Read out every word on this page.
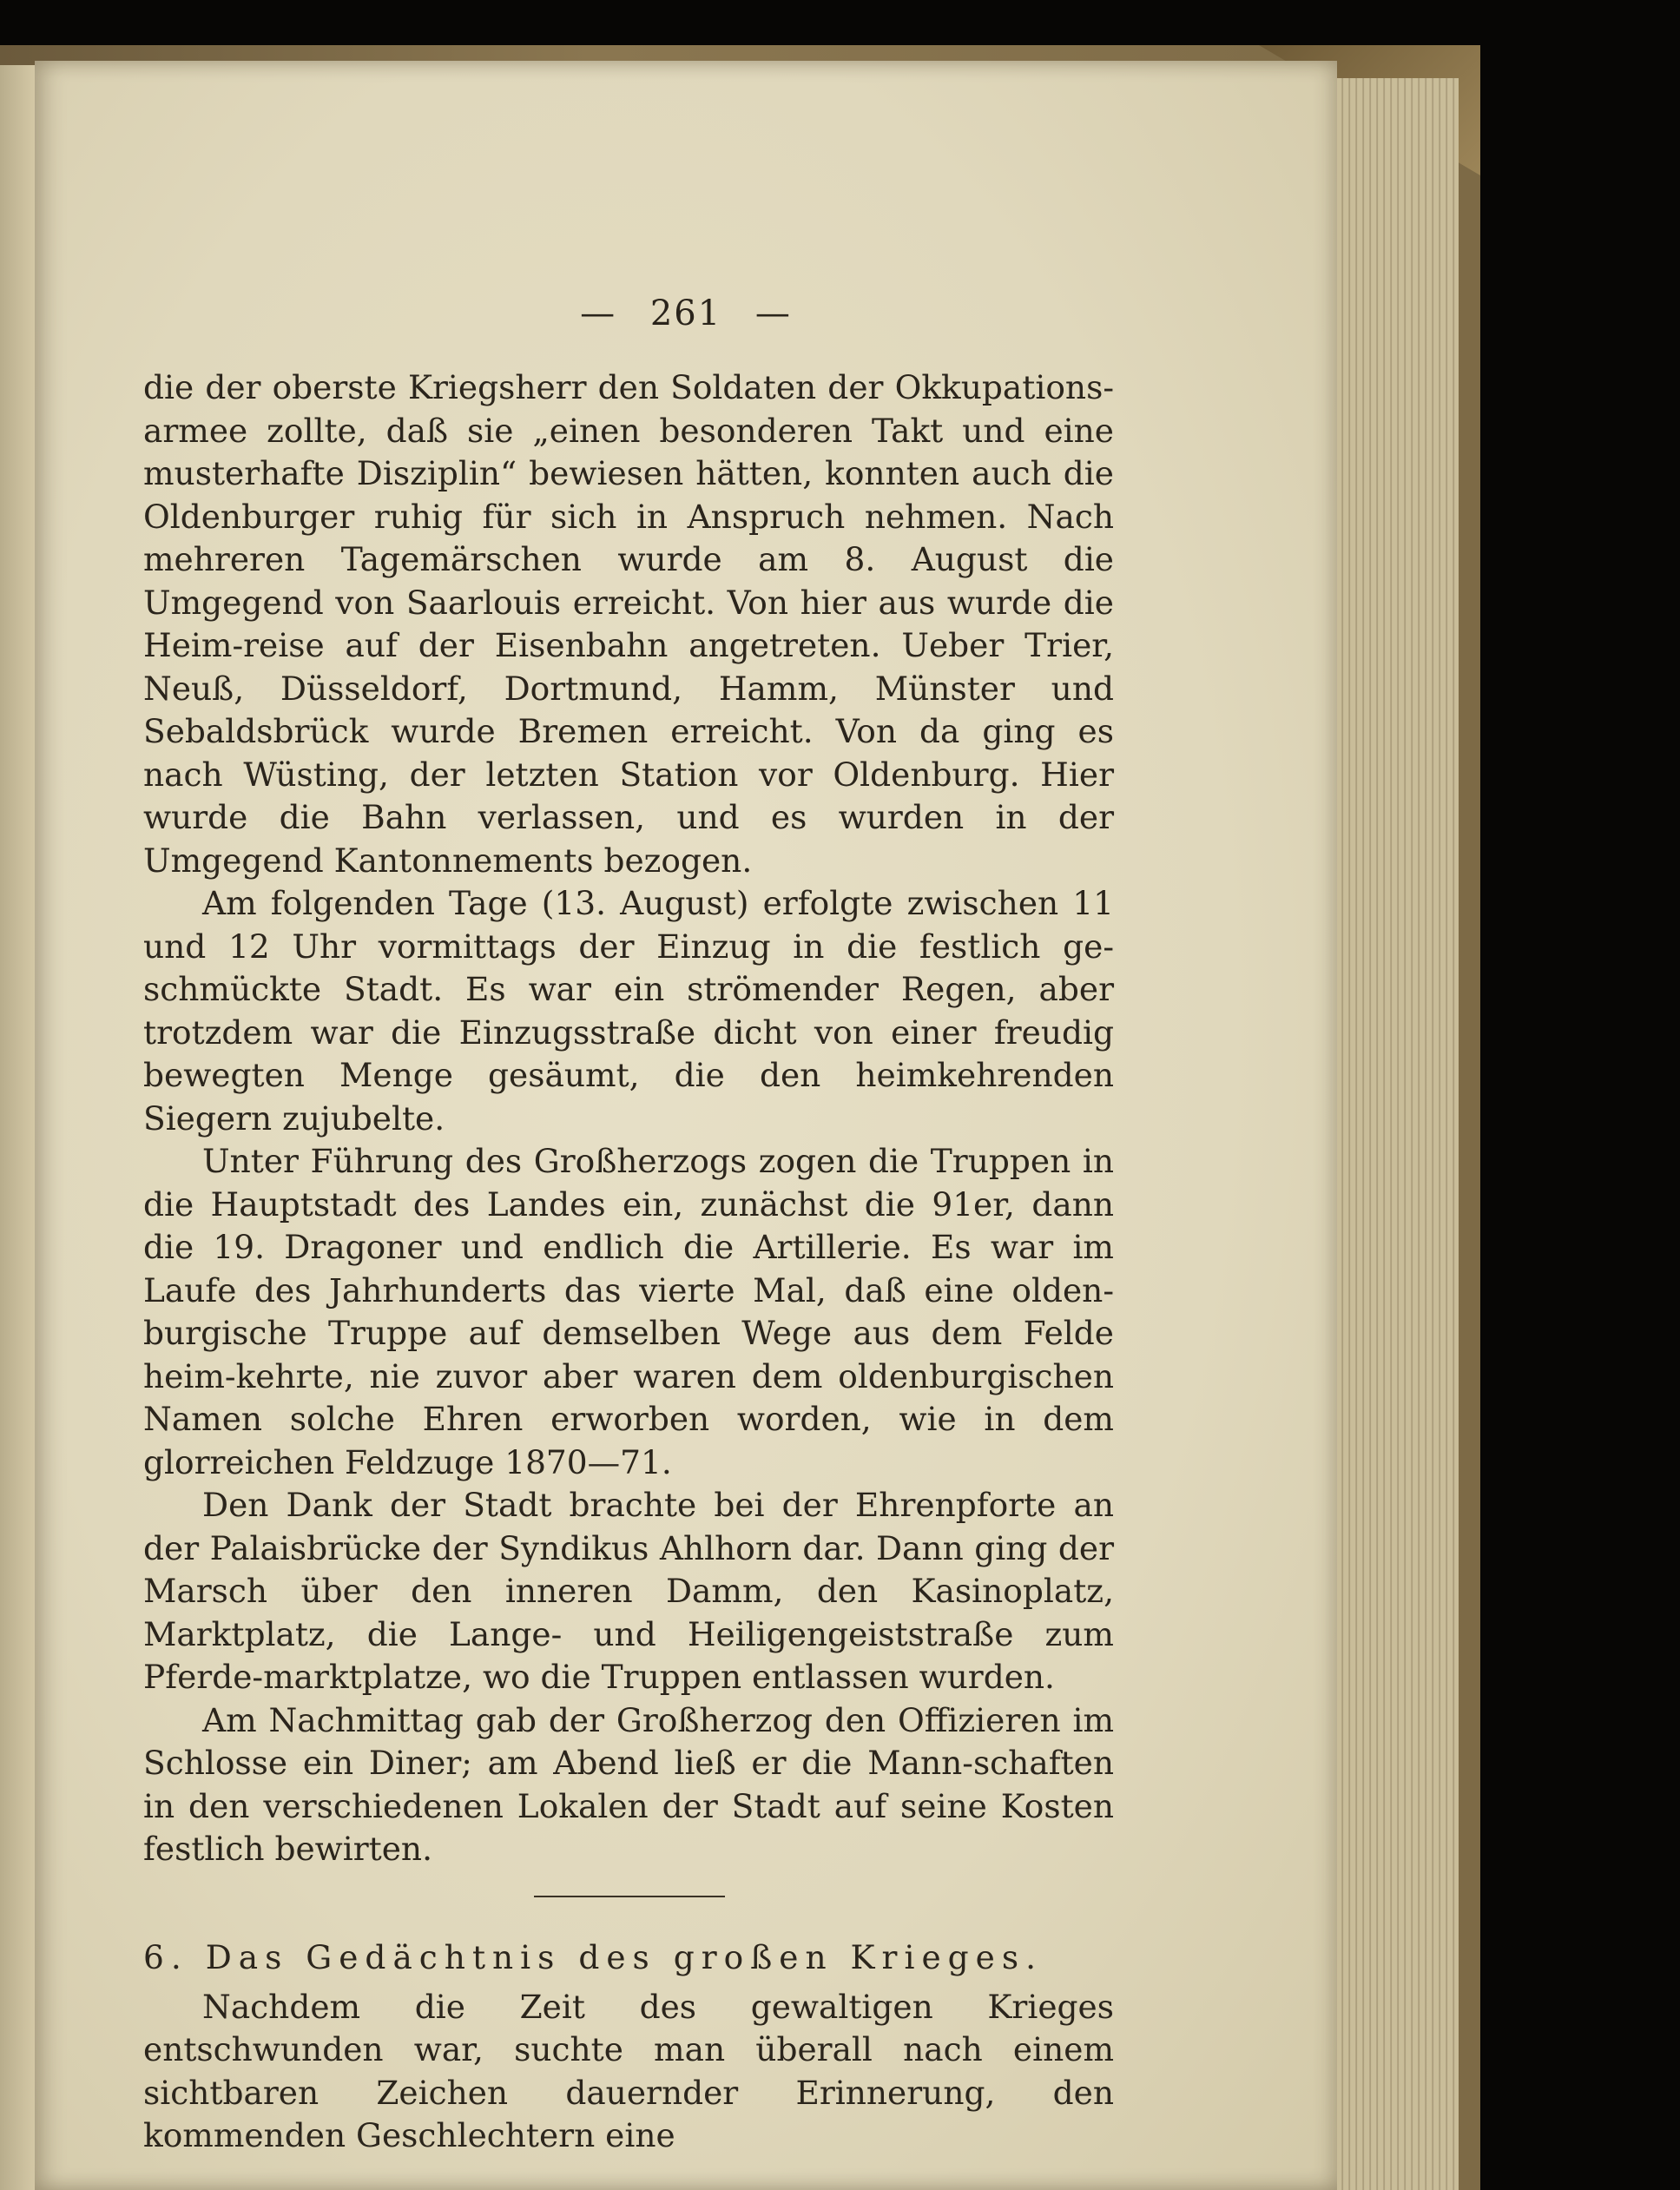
— 261 —

die der oberste Kriegsherr den Soldaten der Okkupations-armee zollte, daß sie „einen besonderen Takt und eine musterhafte Disziplin“ bewiesen hätten, konnten auch die Oldenburger ruhig für sich in Anspruch nehmen. Nach mehreren Tagemärschen wurde am 8. August die Umgegend von Saarlouis erreicht. Von hier aus wurde die Heim-reise auf der Eisenbahn angetreten. Ueber Trier, Neuß, Düsseldorf, Dortmund, Hamm, Münster und Sebaldsbrück wurde Bremen erreicht. Von da ging es nach Wüsting, der letzten Station vor Oldenburg. Hier wurde die Bahn verlassen, und es wurden in der Umgegend Kantonnements bezogen.

Am folgenden Tage (13. August) erfolgte zwischen 11 und 12 Uhr vormittags der Einzug in die festlich ge-schmückte Stadt. Es war ein strömender Regen, aber trotzdem war die Einzugsstraße dicht von einer freudig bewegten Menge gesäumt, die den heimkehrenden Siegern zujubelte.

Unter Führung des Großherzogs zogen die Truppen in die Hauptstadt des Landes ein, zunächst die 91er, dann die 19. Dragoner und endlich die Artillerie. Es war im Laufe des Jahrhunderts das vierte Mal, daß eine olden-burgische Truppe auf demselben Wege aus dem Felde heim-kehrte, nie zuvor aber waren dem oldenburgischen Namen solche Ehren erworben worden, wie in dem glorreichen Feldzuge 1870—71.

Den Dank der Stadt brachte bei der Ehrenpforte an der Palaisbrücke der Syndikus Ahlhorn dar. Dann ging der Marsch über den inneren Damm, den Kasinoplatz, Marktplatz, die Lange- und Heiligengeiststraße zum Pferde-marktplatze, wo die Truppen entlassen wurden.

Am Nachmittag gab der Großherzog den Offizieren im Schlosse ein Diner; am Abend ließ er die Mann-schaften in den verschiedenen Lokalen der Stadt auf seine Kosten festlich bewirten.

6. Das Gedächtnis des großen Krieges.

Nachdem die Zeit des gewaltigen Krieges entschwunden war, suchte man überall nach einem sichtbaren Zeichen dauernder Erinnerung, den kommenden Geschlechtern eine
